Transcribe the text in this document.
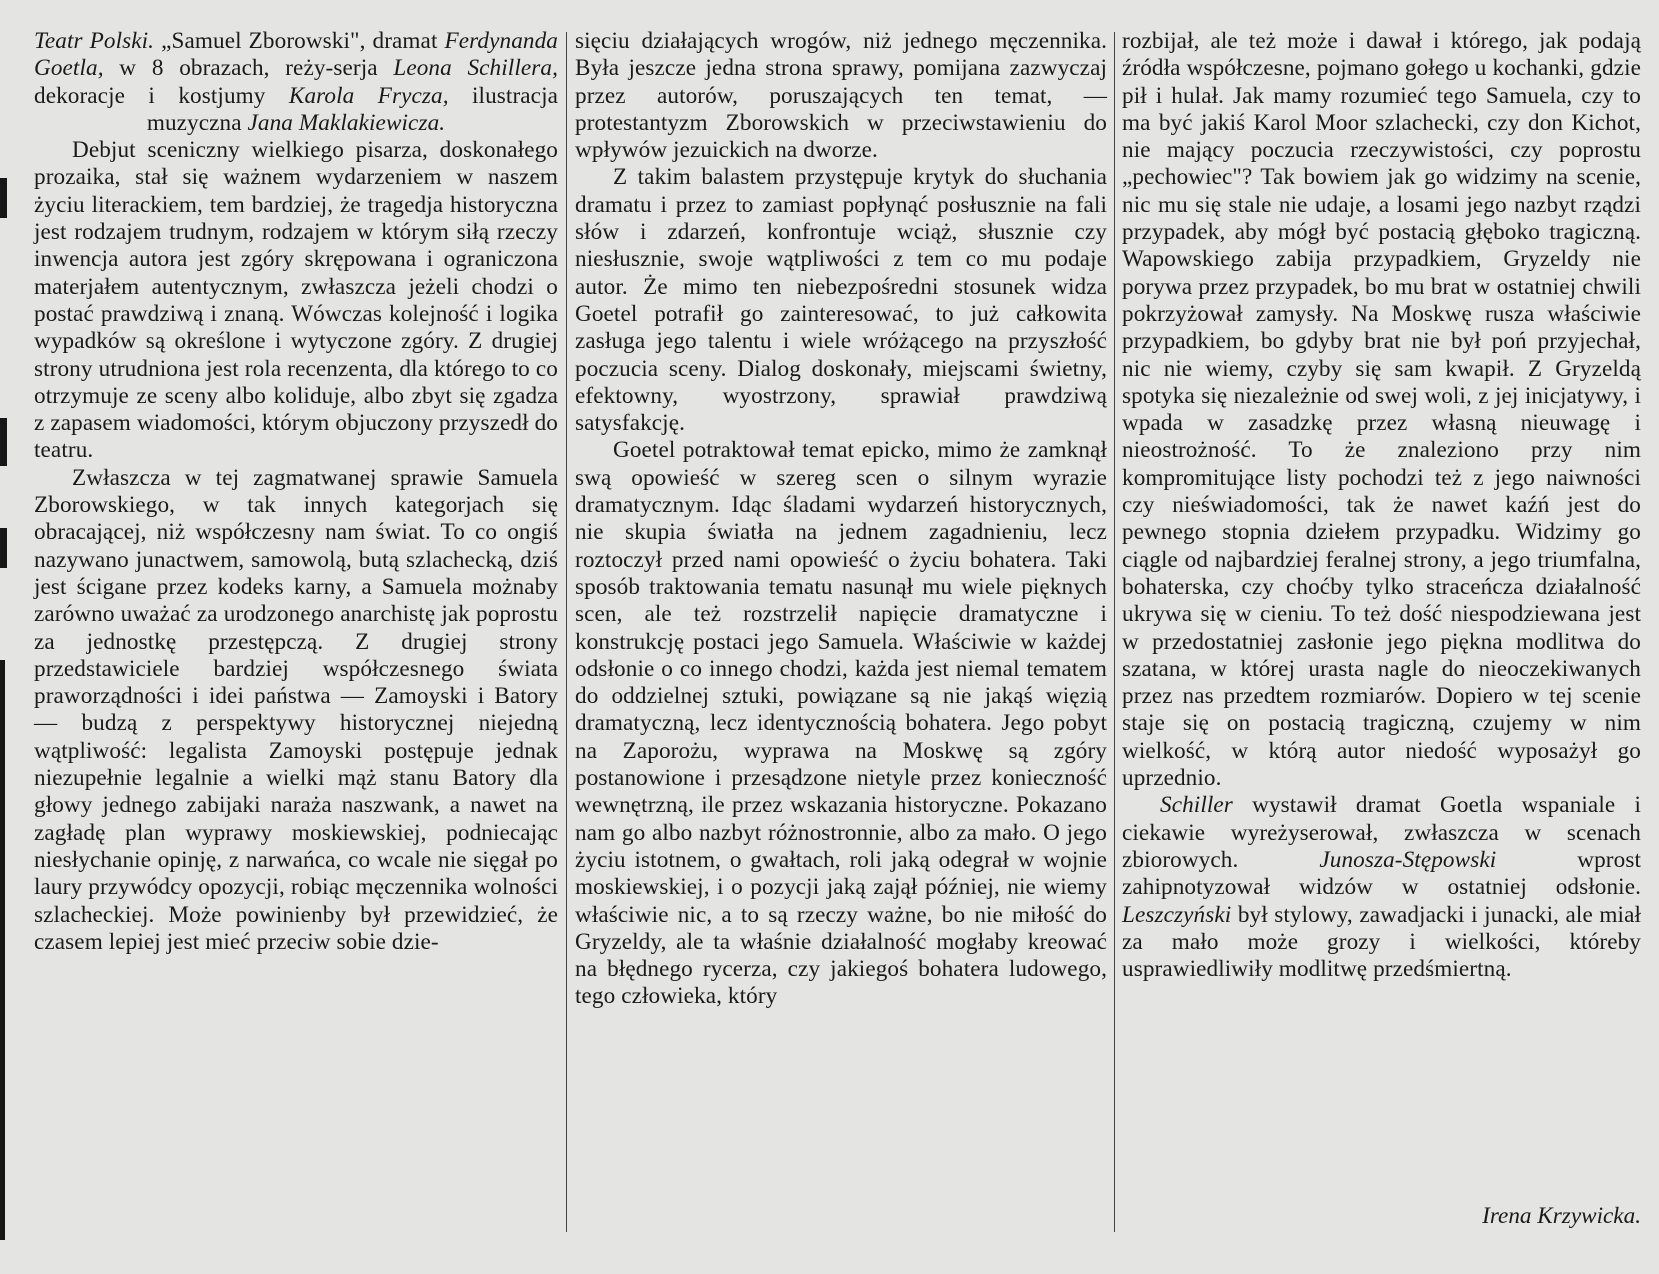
Teatr Polski. „Samuel Zborowski", dramat Ferdynanda Goetla, w 8 obrazach, reży-serja Leona Schillera, dekoracje i kostjumy Karola Frycza, ilustracja muzyczna Jana Maklakiewicza.

Debjut sceniczny wielkiego pisarza, doskonałego prozaika, stał się ważnem wydarzeniem w naszem życiu literackiem, tem bardziej, że tragedja historyczna jest rodzajem trudnym, rodzajem w którym siłą rzeczy inwencja autora jest zgóry skrępowana i ograniczona materjałem autentycznym, zwłaszcza jeżeli chodzi o postać prawdziwą i znaną. Wówczas kolejność i logika wypadków są określone i wytyczone zgóry. Z drugiej strony utrudniona jest rola recenzenta, dla którego to co otrzymuje ze sceny albo koliduje, albo zbyt się zgadza z zapasem wiadomości, którym objuczony przyszedł do teatru.

Zwłaszcza w tej zagmatwanej sprawie Samuela Zborowskiego, w tak innych kategorjach się obracającej, niż współczesny nam świat. To co ongiś nazywano junactwem, samowolą, butą szlachecką, dziś jest ścigane przez kodeks karny, a Samuela możnaby zarówno uważać za urodzonego anarchistę jak poprostu za jednostkę przestępczą. Z drugiej strony przedstawiciele bardziej współczesnego świata praworządności i idei państwa — Zamoyski i Batory — budzą z perspektywy historycznej niejedną wątpliwość: legalista Zamoyski postępuje jednak niezupełnie legalnie a wielki mąż stanu Batory dla głowy jednego zabijaki naraża naszwank, a nawet na zagładę plan wyprawy moskiewskiej, podniecając niesłychanie opinję, z narwańca, co wcale nie sięgał po laury przywódcy opozycji, robiąc męczennika wolności szlacheckiej. Może powinienby był przewidzieć, że czasem lepiej jest mieć przeciw sobie dzie-

sięciu działających wrogów, niż jednego męczennika. Była jeszcze jedna strona sprawy, pomijana zazwyczaj przez autorów, poruszających ten temat, — protestantyzm Zborowskich w przeciwstawieniu do wpływów jezuickich na dworze.

Z takim balastem przystępuje krytyk do słuchania dramatu i przez to zamiast popłynąć posłusznie na fali słów i zdarzeń, konfrontuje wciąż, słusznie czy niesłusznie, swoje wątpliwości z tem co mu podaje autor. Że mimo ten niebezpośredni stosunek widza Goetel potrafił go zainteresować, to już całkowita zasługa jego talentu i wiele wróżącego na przyszłość poczucia sceny. Dialog doskonały, miejscami świetny, efektowny, wyostrzony, sprawiał prawdziwą satysfakcję.

Goetel potraktował temat epicko, mimo że zamknął swą opowieść w szereg scen o silnym wyrazie dramatycznym. Idąc śladami wydarzeń historycznych, nie skupia światła na jednem zagadnieniu, lecz roztoczył przed nami opowieść o życiu bohatera. Taki sposób traktowania tematu nasunął mu wiele pięknych scen, ale też rozstrzelił napięcie dramatyczne i konstrukcję postaci jego Samuela. Właściwie w każdej odsłonie o co innego chodzi, każda jest niemal tematem do oddzielnej sztuki, powiązane są nie jakąś więzią dramatyczną, lecz identycznością bohatera. Jego pobyt na Zaporożu, wyprawa na Moskwę są zgóry postanowione i przesądzone nietyle przez konieczność wewnętrzną, ile przez wskazania historyczne. Pokazano nam go albo nazbyt różnostronnie, albo za mało. O jego życiu istotnem, o gwałtach, roli jaką odegrał w wojnie moskiewskiej, i o pozycji jaką zajął później, nie wiemy właściwie nic, a to są rzeczy ważne, bo nie miłość do Gryzeldy, ale ta właśnie działalność mogłaby kreować na błędnego rycerza, czy jakiegoś bohatera ludowego, tego człowieka, który

rozbijał, ale też może i dawał i którego, jak podają źródła współczesne, pojmano gołego u kochanki, gdzie pił i hulał. Jak mamy rozumieć tego Samuela, czy to ma być jakiś Karol Moor szlachecki, czy don Kichot, nie mający poczucia rzeczywistości, czy poprostu „pechowiec"? Tak bowiem jak go widzimy na scenie, nic mu się stale nie udaje, a losami jego nazbyt rządzi przypadek, aby mógł być postacią głęboko tragiczną. Wapowskiego zabija przypadkiem, Gryzeldy nie porywa przez przypadek, bo mu brat w ostatniej chwili pokrzyżował zamysły. Na Moskwę rusza właściwie przypadkiem, bo gdyby brat nie był poń przyjechał, nic nie wiemy, czyby się sam kwapił. Z Gryzeldą spotyka się niezależnie od swej woli, z jej inicjatywy, i wpada w zasadzkę przez własną nieuwagę i nieostrożność. To że znaleziono przy nim kompromitujące listy pochodzi też z jego naiwności czy nieświadomości, tak że nawet kaźń jest do pewnego stopnia dziełem przypadku. Widzimy go ciągle od najbardziej feralnej strony, a jego triumfalna, bohaterska, czy choćby tylko straceńcza działalność ukrywa się w cieniu. To też dość niespodziewana jest w przedostatniej zasłonie jego piękna modlitwa do szatana, w której urasta nagle do nieoczekiwanych przez nas przedtem rozmiarów. Dopiero w tej scenie staje się on postacią tragiczną, czujemy w nim wielkość, w którą autor niedość wyposażył go uprzednio.

Schiller wystawił dramat Goetla wspaniale i ciekawie wyreżyserował, zwłaszcza w scenach zbiorowych.	Junosza-Stępowski	wprost zahipnotyzował widzów w ostatniej odsłonie. Leszczyński był stylowy, zawadjacki i junacki, ale miał za mało może grozy i wielkości, któreby usprawiedliwiły modlitwę przedśmiertną.

Irena Krzywicka.
